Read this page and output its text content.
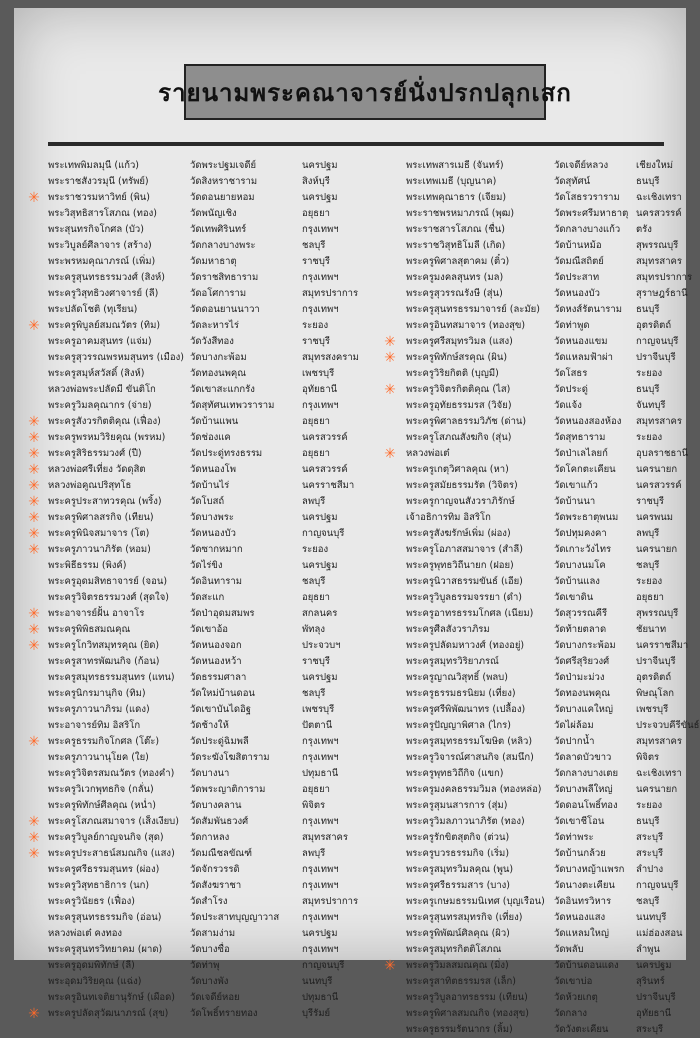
รายนามพระคณาจารย์นั่งปรกปลุกเสก
พระเทพพิมลมุนี (แก้ว)
พระราชสังวรมุนี (ทรัพย์)
✳ พระราชวรมหาวิทย์ (พิน)
พระวิสุทธิสารโสภณ (ทอง)
พระสุนทรกิจโกศล (บัว)
พระวิบูลย์ศีลาจาร (สร้าง)
พระพรหมคุณาภรณ์ (เพิ่ม)
พระครูสุนทรธรรมวงศ์ (สิงห์)
พระครูวิสุทธิวงศาจารย์ (ลี)
พระปลัดโชติ (ทุเรียน)
✳ พระครูพิบูลย์สมณวัตร (ทิม)
พระครูอาคมสุนทร (แจ่ม)
พระครูสุวรรณพรหมสุนทร (เมือง)
พระครูสมุห์สวัสดิ์ (สิงห์)
หลวงพ่อพระปลัดมี ขันติโก
พระครูวิมลคุณากร (จ่าย)
✳ พระครูสังวรกิตติคุณ (เฟื่อง)
✳ พระครูพรหมวิริยคุณ (พรหม)
✳ พระครูสิริธรรมวงศ์ (ปี)
✳ หลวงพ่อศรีเที่ยง วัดดุสิต
✳ หลวงพ่อคูณปริสุทโธ
✳ พระครูประสาทวรคุณ (พริ้ง)
✳ พระครูพิศาลสรกิจ (เทียน)
✳ พระครูพินิจสมาจาร (โต)
✳ พระครูภาวนาภิรัต (หอม)
พระพิธีธรรม (พิงค์)
พระครูอุดมสิทธาจารย์ (จอน)
พระครูวิจิตรธรรมวงศ์ (สุดใจ)
✳ พระอาจารย์ฝั้น อาจาโร
✳ พระครูพิพิธสมณคุณ
✳ พระครูโกวิทสมุทรคุณ (ยิด)
พระครูสาทรพัฒนกิจ (ก้อน)
พระครูสมุทรธรรมสุนทร (แทน)
พระครูนิกรมานุกิจ (ทิม)
พระครูภาวนาภิรม (แดง)
พระอาจารย์ทิม อิสริโก
✳ พระครูธรรมกิจโกศล (โต๊ะ)
พระครูภาวนานุโยค (ใย)
พระครูวิจิตรสมณวัตร (ทองคำ)
พระครูวิเวกพุทธกิจ (กลั่น)
พระครูพิทักษ์ศีลคุณ (หน่ำ)
✳ พระครูโสภณสมาจาร (เส็งเงียบ)
✳ พระครูวิบูลย์กาญจนกิจ (สุด)
✳ พระครูประสาธน์สมณกิจ (แสง)
พระครูศรีธรรมสุนทร (ผ่อง)
พระครูวิสุทธาธิการ (นก)
พระครูวินัยธร (เฟื่อง)
พระครูสุนทรธรรมกิจ (อ่อน)
หลวงพ่อเต๋ คงทอง
พระครูสุนทรวิทยาคม (ผาด)
พระครูอุดมพิทักษ์ (ลี)
พระอุดมวิริยคุณ (แฉ่ง)
พระครูอินทเจติยานุรักษ์ (เผือด)
✳ พระครูปลัดสุวัฒนาภรณ์ (สุข)
วัดพระปฐมเจดีย์
วัดสิงหราชาราม
วัดดอนยายหอม
วัดพนัญเชิง
วัดเทพศิรินทร์
วัดกลางบางพระ
วัดมหาธาตุ
วัดราชสิทธาราม
วัดอโศการาม
วัดดอนยานนาวา
วัดละหารไร่
วัดวังสีทอง
วัดบางกะพ้อม
วัดทองนพคุณ
วัดเขาสะแกกรัง
วัดสุทัศนเทพวราราม
วัดบ้านแพน
วัดช่องแค
วัดประดู่ทรงธรรม
วัดหนองโพ
วัดบ้านไร่
วัดโบสถ์
วัดบางพระ
วัดหนองบัว
วัดซากหมาก
วัดไร่ขิง
วัดอินทาราม
วัดสะแก
วัดป่าอุดมสมพร
วัดเขาอ้อ
วัดหนองจอก
วัดหนองหว้า
วัดธรรมศาลา
วัดใหม่บ้านดอน
วัดเขาบันไดอิฐ
วัดช้างให้
วัดประดู่ฉิมพลี
วัดระฆังโฆสิตาราม
วัดบางนา
วัดพระญาติการาม
วัดบางคลาน
วัดสัมพันธวงศ์
วัดกาหลง
วัดมณีชลขัณฑ์
วัดจักรวรรดิ
วัดสังฆราชา
วัดสำโรง
วัดประสาทบุญญาวาส
วัดสามง่าม
วัดบางซื่อ
วัดท่าพุ
วัดบางพัง
วัดเจดีย์หอย
วัดโพธิ์ทรายทอง
นครปฐม
สิงห์บุรี
นครปฐม
อยุธยา
กรุงเทพฯ
ชลบุรี
ราชบุรี
กรุงเทพฯ
สมุทรปราการ
กรุงเทพฯ
ระยอง
ราชบุรี
สมุทรสงคราม
เพชรบุรี
อุทัยธานี
กรุงเทพฯ
อยุธยา
นครสวรรค์
อยุธยา
นครสวรรค์
นครราชสีมา
ลพบุรี
นครปฐม
กาญจนบุรี
ระยอง
นครปฐม
ชลบุรี
อยุธยา
สกลนคร
พัทลุง
ประจวบฯ
ราชบุรี
นครปฐม
ชลบุรี
เพชรบุรี
ปัตตานี
กรุงเทพฯ
กรุงเทพฯ
ปทุมธานี
อยุธยา
พิจิตร
กรุงเทพฯ
สมุทรสาคร
ลพบุรี
กรุงเทพฯ
กรุงเทพฯ
สมุทรปราการ
กรุงเทพฯ
นครปฐม
กรุงเทพฯ
กาญจนบุรี
นนทบุรี
ปทุมธานี
บุรีรัมย์
พระเทพสารเมธี (จันทร์)
พระเทพเมธี (บุญนาค)
พระเทพคุณาธาร (เจียม)
พระราชพรหมาภรณ์ (พุฒ)
พระราชสารโสภณ (ชื่น)
พระราชวิสุทธิโมลี (เกิด)
พระครูพิศาลสุตาคม (ติ๋ว)
พระครูมงคลสุนทร (มล)
พระครูสุวรรณรังษี (สุ่น)
พระครูสุนทรธรรมาจารย์ (ละมัย)
พระครูอินทสมาจาร (ทองสุข)
✳ พระครูศรีสมุทรวิมล (แสง)
✳ พระครูพิทักษ์สรคุณ (ผิน)
พระครูวิริยกิตติ (บุญมี)
✳ พระครูวิจิตรกิตติคุณ (ไส)
พระครูอุทัยธรรมรส (วิจัย)
พระครูพิศาลธรรมวิภัช (ด่าน)
พระครูโสภณสังฆกิจ (สุ่น)
✳ หลวงพ่อเต๋
พระครูเกตุวิศาลคุณ (หา)
พระครูสมัยธรรมรัต (วิจิตร)
พระครูกาญจนสังวราภิรักษ์
เจ้าอธิการทิม อิสริโก
พระครูสังฆรักษ์เพิ่ม (ผ่อง)
พระครูโอภาสสมาจาร (สำลี)
พระครูพุทธวิถีนายก (ฝอย)
พระครูนิวาสธรรมขันธ์ (เอีย)
พระครูวิบูลธรรมจรรยา (ดำ)
พระครูอาทรธรรมโกศล (เนียม)
พระครูศีลสังวราภิรม
พระครูปลัดมหาวงศ์ (ทองอยู่)
พระครูสมุทรวิริยาภรณ์
พระครูญาณวิสุทธิ์ (พลบ)
พระครูธรรมธรนิยม (เที่ยง)
พระครูศรีพิพัฒนาทร (เปลื้อง)
พระครูปัญญาพิศาล (ไกร)
พระครูสมุทรธรรมโฆษิต (หลิว)
พระครูวิจารณ์ศาสนกิจ (สมนึก)
พระครูพุทธวิถีกิจ (แขก)
พระครูมงคลธรรมวิมล (ทองหล่อ)
พระครูสุมนสารการ (สุ่ม)
พระครูวิมลภาวนาภิรัต (ทอง)
พระครูรักขิตสุตกิจ (ต่วน)
พระครูบวรธรรมกิจ (เริ่ม)
พระครูสมุทรวิมลคุณ (พูน)
พระครูศรีธรรมสาร (บาง)
พระครูเกษมธรรมนิเทศ (บุญเรือน)
พระครูสุนทรสมุทรกิจ (เที่ยง)
พระครูพิพัฒน์ศิลคุณ (ผิว)
พระครูสมุทรกิตติโสภณ
✳ พระครูวิมลสมณคุณ (มิ่ง)
พระครูสาทิตธรรมรส (เล็ก)
พระครูวิบูลอาทรธรรม (เทียน)
พระครูพิศาลสมณกิจ (ทองสุข)
พระครูธรรมรัตนากร (ลิ้ม)
วัดเจดีย์หลวง
วัดสุทัศน์
วัดโสธรวราราม
วัดพระศรีมหาธาตุ
วัดกลางบางแก้ว
วัดบ้านหม้อ
วัดมณีสถิตย์
วัดประสาท
วัดหนองบัว
วัดหงส์รัตนาราม
วัดท่าพูด
วัดหนองแขม
วัดแหลมฟ้าผ่า
วัดโสธร
วัดประดู่
วัดแจ้ง
วัดหนองสองห้อง
วัดสุทธาราม
วัดป่าเลไลยก์
วัดโคกตะเคียน
วัดเขาแก้ว
วัดบ้านนา
วัดพระธาตุพนม
วัดปทุมคงคา
วัดเกาะวังไทร
วัดบางนมโค
วัดบ้านแลง
วัดเขาดิน
วัดสุวรรณคีรี
วัดท้ายตลาด
วัดบางกระพ้อม
วัดศรีสุริยวงศ์
วัดป่ามะม่วง
วัดทองนพคุณ
วัดบางแคใหญ่
วัดไผ่ล้อม
วัดปากน้ำ
วัดลาดบัวขาว
วัดกลางบางเตย
วัดบางพลีใหญ่
วัดดอนโพธิ์ทอง
วัดเขาชีโอน
วัดท่าพระ
วัดบ้านกล้วย
วัดบางหญ้าแพรก
วัดนางตะเคียน
วัดอินทรวิหาร
วัดหนองแสง
วัดแหลมใหญ่
วัดพลับ
วัดบ้านดอนแดง
วัดเขาบ่อ
วัดห้วยเกตุ
วัดกลาง
วัดวังตะเคียน
เชียงใหม่
ธนบุรี
ฉะเชิงเทรา
นครสวรรค์
ตรัง
สุพรรณบุรี
สมุทรสาคร
สมุทรปราการ
สุราษฎร์ธานี
ธนบุรี
อุตรดิตถ์
กาญจนบุรี
ปราจีนบุรี
ระยอง
ธนบุรี
จันทบุรี
สมุทรสาคร
ระยอง
อุบลราชธานี
นครนายก
นครสวรรค์
ราชบุรี
นครพนม
ลพบุรี
นครนายก
ชลบุรี
ระยอง
อยุธยา
สุพรรณบุรี
ชัยนาท
นครราชสีมา
ปราจีนบุรี
อุตรดิตถ์
พิษณุโลก
เพชรบุรี
ประจวบคีรีขันธ์
สมุทรสาคร
พิจิตร
ฉะเชิงเทรา
นครนายก
ระยอง
ธนบุรี
สระบุรี
สระบุรี
ลำปาง
กาญจนบุรี
ชลบุรี
นนทบุรี
แม่ฮ่องสอน
ลำพูน
นครปฐม
สุรินทร์
ปราจีนบุรี
อุทัยธานี
สระบุรี
